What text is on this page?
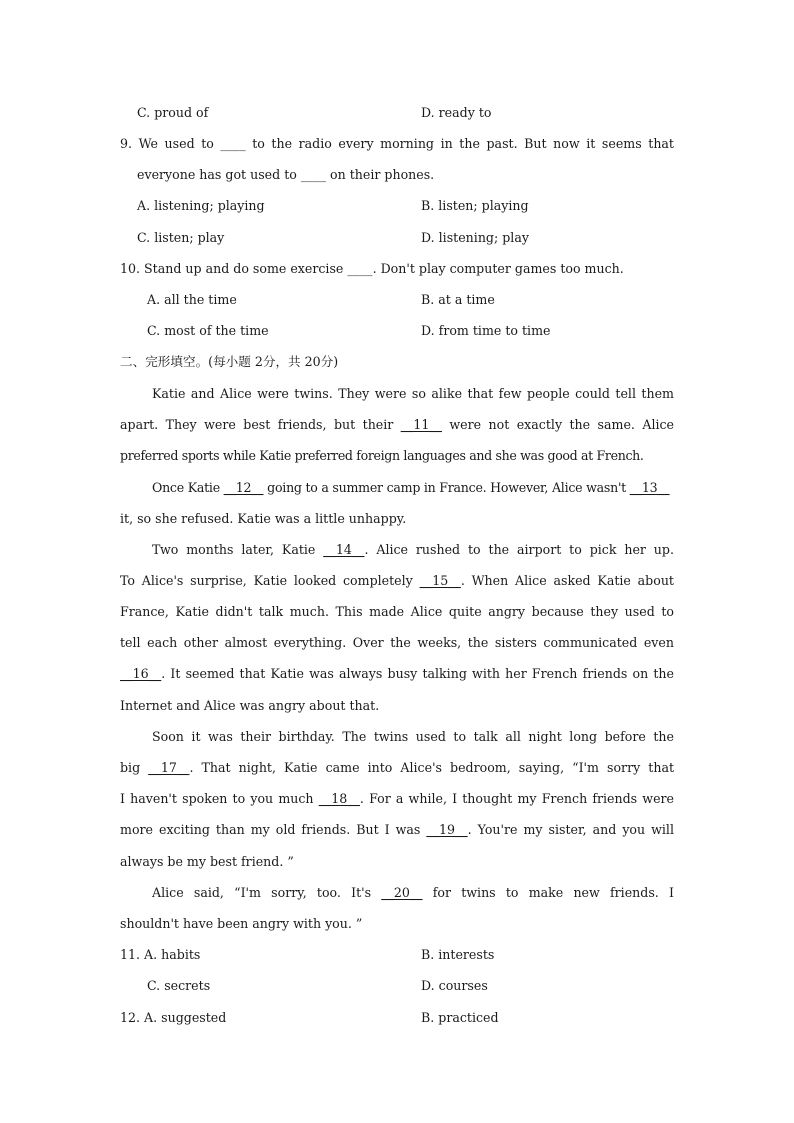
C. proud of	D. ready to
9. We used to ____ to the radio every morning in the past. But now it seems that
everyone has got used to ____ on their phones.
A. listening; playing	B. listen; playing
C. listen; play	D. listening; play
10. Stand up and do some exercise ____. Don't play computer games too much.
A. all the time	B. at a time
C. most of the time	D. from time to time
二、完形填空。(每小题 2分，共 20分)
Katie and Alice were twins. They were so alike that few people could tell them
apart. They were best friends, but their __11__ were not exactly the same. Alice
preferred sports while Katie preferred foreign languages and she was good at French.
Once Katie __12__ going to a summer camp in France. However, Alice wasn't __13__
it, so she refused. Katie was a little unhappy.
Two months later, Katie __14__. Alice rushed to the airport to pick her up.
To Alice's surprise, Katie looked completely __15__. When Alice asked Katie about
France, Katie didn't talk much. This made Alice quite angry because they used to
tell each other almost everything. Over the weeks, the sisters communicated even
__16__. It seemed that Katie was always busy talking with her French friends on the
Internet and Alice was angry about that.
Soon it was their birthday. The twins used to talk all night long before the
big __17__. That night, Katie came into Alice's bedroom, saying, “I'm sorry that
I haven't spoken to you much __18__. For a while, I thought my French friends were
more exciting than my old friends. But I was __19__. You're my sister, and you will
always be my best friend. ”
Alice said, “I'm sorry, too. It's __20__ for twins to make new friends. I
shouldn't have been angry with you. ”
11. A. habits	B. interests
C. secrets	D. courses
12. A. suggested	B. practiced
